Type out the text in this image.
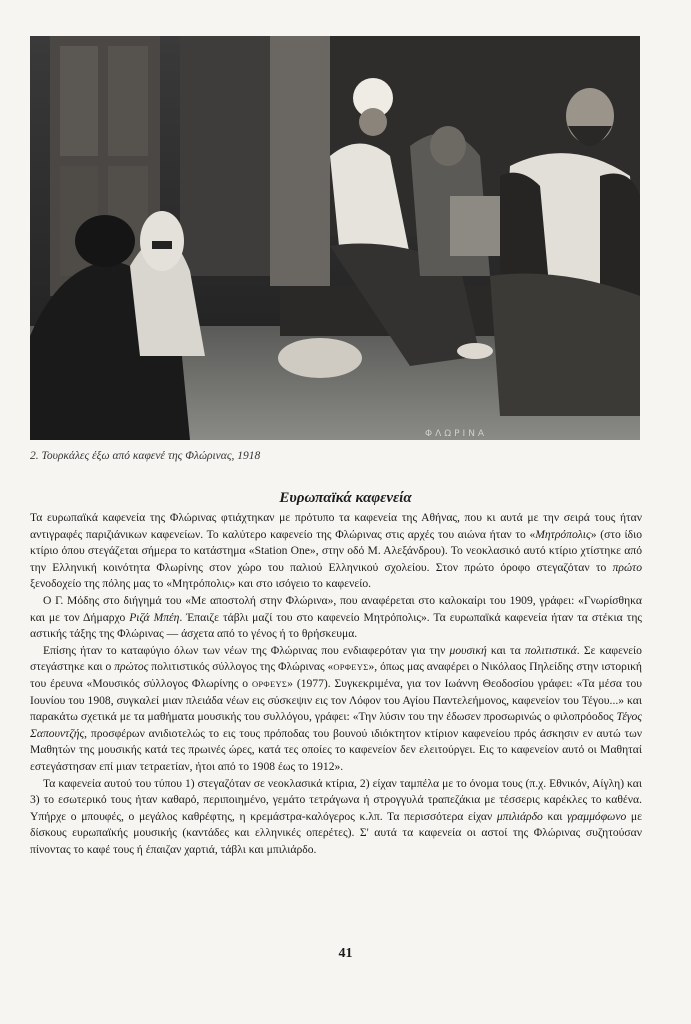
ΦΛΩΡΙΝΑ
2. Τουρκάλες έξω από καφενέ της Φλώρινας, 1918
Ευρωπαϊκά καφενεία

Τα ευρωπαϊκά καφενεία της Φλώρινας φτιάχτηκαν με πρότυπο τα καφενεία της Αθήνας, που κι αυτά με την σειρά τους ήταν αντιγραφές παριζιάνικων καφενείων. Το καλύτερο καφενείο της Φλώρινας στις αρχές του αιώνα ήταν το «Μητρόπολις» (στο ίδιο κτίριο όπου στεγάζεται σήμερα το κατάστημα «Station One», στην οδό Μ. Αλεξάνδρου). Το νεοκλασικό αυτό κτίριο χτίστηκε από την Ελληνική κοινότητα Φλωρίνης στον χώρο του παλιού Ελληνικού σχολείου. Στον πρώτο όροφο στεγαζόταν το πρώτο ξενοδοχείο της πόλης μας το «Μητρόπολις» και στο ισόγειο το καφενείο.

Ο Γ. Μόδης στο διήγημά του «Με αποστολή στην Φλώρινα», που αναφέρεται στο καλοκαίρι του 1909, γράφει: «Γνωρίσθηκα και με τον Δήμαρχο Ριζά Μπέη. Έπαιζε τάβλι μαζί του στο καφενείο Μητρόπολις». Τα ευρωπαϊκά καφενεία ήταν τα στέκια της αστικής τάξης της Φλώρινας — άσχετα από το γένος ή το θρήσκευμα.

Επίσης ήταν το καταφύγιο όλων των νέων της Φλώρινας που ενδιαφερόταν για την μουσική και τα πολιτιστικά. Σε καφενείο στεγάστηκε και ο πρώτος πολιτιστικός σύλλογος της Φλώρινας «ΟΡΦΕΥΣ», όπως μας αναφέρει ο Νικόλαος Πηλείδης στην ιστορική του έρευνα «Μουσικός σύλλογος Φλωρίνης ο ΟΡΦΕΥΣ» (1977). Συγκεκριμένα, για τον Ιωάννη Θεοδοσίου γράφει: «Τα μέσα του Ιουνίου του 1908, συγκαλεί μιαν πλειάδα νέων εις σύσκεψιν εις τον Λόφον του Αγίου Παντελεήμονος, καφενείον του Τέγου...» και παρακάτω σχετικά με τα μαθήματα μουσικής του συλλόγου, γράφει: «Την λύσιν του την έδωσεν προσωρινώς ο φιλοπρόοδος Τέγος Σαπουντζής, προσφέρων ανιδιοτελώς το εις τους πρόποδας του βουνού ιδιόκτητον κτίριον καφενείου πρός άσκησιν εν αυτώ των Μαθητών της μουσικής κατά τες πρωινές ώρες, κατά τες οποίες το καφενείον δεν ελειτούργει. Εις το καφενείον αυτό οι Μαθηταί εστεγάστησαν επί μιαν τετραετίαν, ήτοι από το 1908 έως το 1912».

Τα καφενεία αυτού του τύπου 1) στεγαζόταν σε νεοκλασικά κτίρια, 2) είχαν ταμπέλα με το όνομα τους (π.χ. Εθνικόν, Αίγλη) και 3) το εσωτερικό τους ήταν καθαρό, περιποιημένο, γεμάτο τετράγωνα ή στρογγυλά τραπεζάκια με τέσσερις καρέκλες το καθένα. Υπήρχε ο μπουφές, ο μεγάλος καθρέφτης, η κρεμάστρα-καλόγερος κ.λπ. Τα περισσότερα είχαν μπιλιάρδο και γραμμόφωνο με δίσκους ευρωπαϊκής μουσικής (καντάδες και ελληνικές οπερέτες). Σ' αυτά τα καφενεία οι αστοί της Φλώρινας συζητούσαν πίνοντας το καφέ τους ή έπαιζαν χαρτιά, τάβλι και μπιλιάρδο.

41
